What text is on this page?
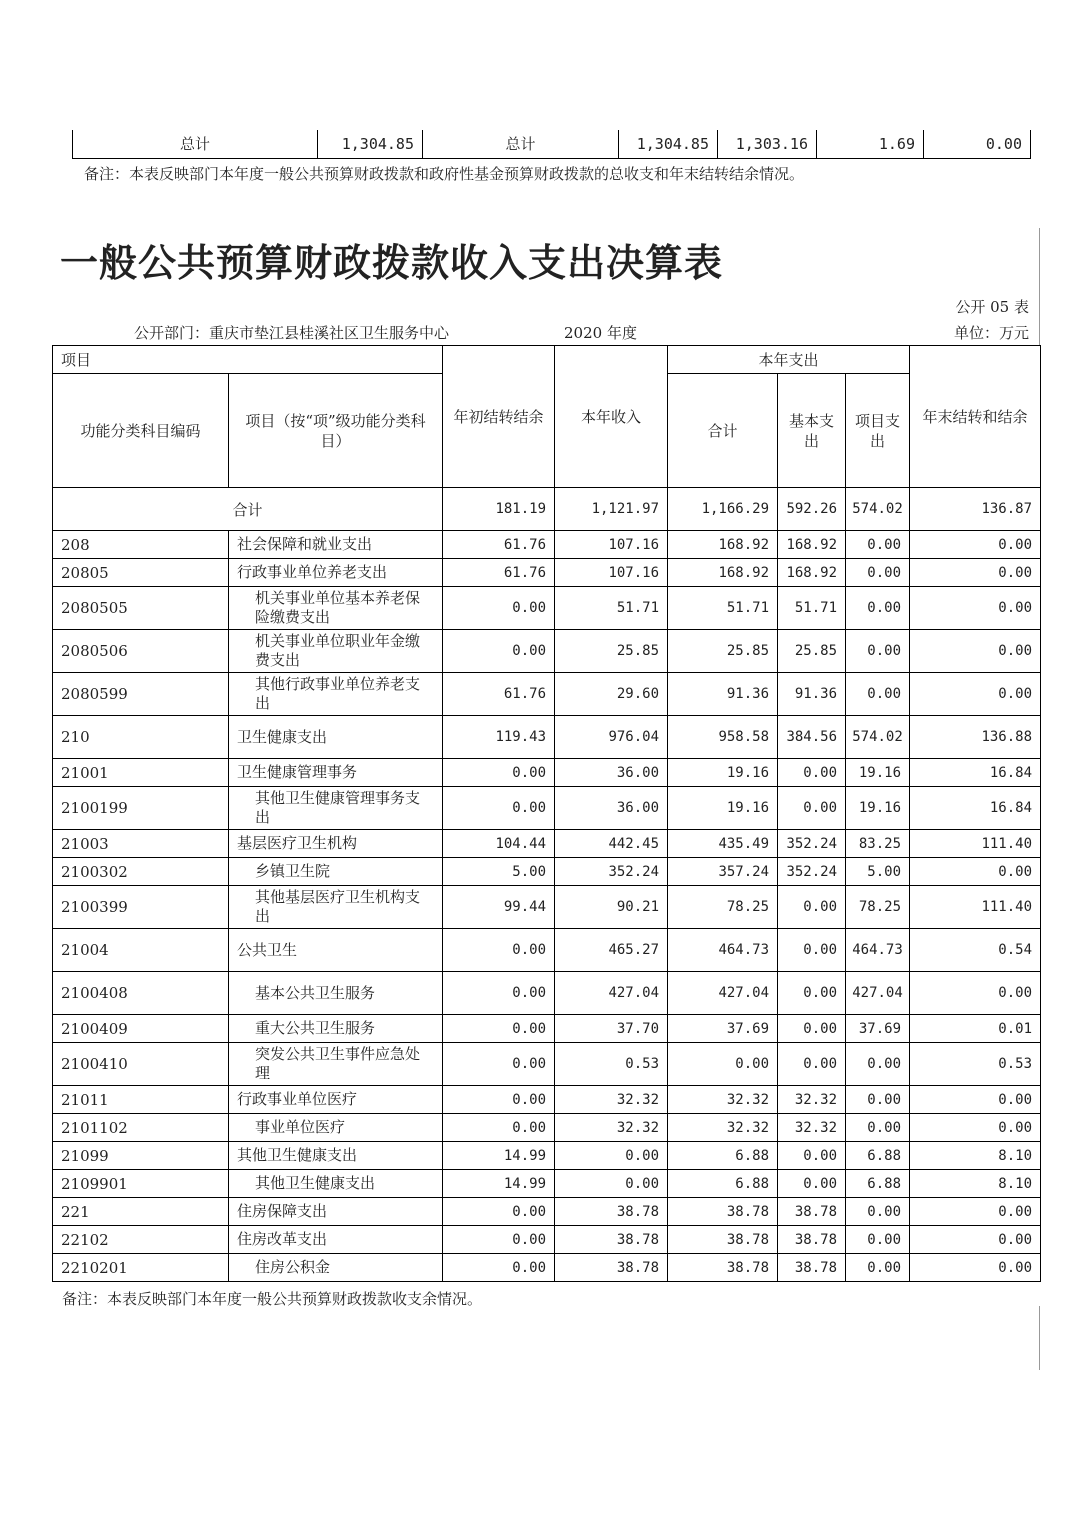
总计	1,304.85	总计	1,304.85	1,303.16	1.69	0.00
备注：本表反映部门本年度一般公共预算财政拨款和政府性基金预算财政拨款的总收支和年末结转结余情况。
一般公共预算财政拨款收入支出决算表
公开 05 表
公开部门：重庆市垫江县桂溪社区卫生服务中心	2020 年度	单位：万元
项目		年初结转结余	本年收入	本年支出			年末结转和结余
功能分类科目编码	项目（按“项”级功能分类科目）			合计	基本支出	项目支出	
合计		181.19	1,121.97	1,166.29	592.26	574.02	136.87
208	社会保障和就业支出	61.76	107.16	168.92	168.92	0.00	0.00
20805	行政事业单位养老支出	61.76	107.16	168.92	168.92	0.00	0.00
2080505	机关事业单位基本养老保险缴费支出	0.00	51.71	51.71	51.71	0.00	0.00
2080506	机关事业单位职业年金缴费支出	0.00	25.85	25.85	25.85	0.00	0.00
2080599	其他行政事业单位养老支出	61.76	29.60	91.36	91.36	0.00	0.00
210	卫生健康支出	119.43	976.04	958.58	384.56	574.02	136.88
21001	卫生健康管理事务	0.00	36.00	19.16	0.00	19.16	16.84
2100199	其他卫生健康管理事务支出	0.00	36.00	19.16	0.00	19.16	16.84
21003	基层医疗卫生机构	104.44	442.45	435.49	352.24	83.25	111.40
2100302	乡镇卫生院	5.00	352.24	357.24	352.24	5.00	0.00
2100399	其他基层医疗卫生机构支出	99.44	90.21	78.25	0.00	78.25	111.40
21004	公共卫生	0.00	465.27	464.73	0.00	464.73	0.54
2100408	基本公共卫生服务	0.00	427.04	427.04	0.00	427.04	0.00
2100409	重大公共卫生服务	0.00	37.70	37.69	0.00	37.69	0.01
2100410	突发公共卫生事件应急处理	0.00	0.53	0.00	0.00	0.00	0.53
21011	行政事业单位医疗	0.00	32.32	32.32	32.32	0.00	0.00
2101102	事业单位医疗	0.00	32.32	32.32	32.32	0.00	0.00
21099	其他卫生健康支出	14.99	0.00	6.88	0.00	6.88	8.10
2109901	其他卫生健康支出	14.99	0.00	6.88	0.00	6.88	8.10
221	住房保障支出	0.00	38.78	38.78	38.78	0.00	0.00
22102	住房改革支出	0.00	38.78	38.78	38.78	0.00	0.00
2210201	住房公积金	0.00	38.78	38.78	38.78	0.00	0.00
备注：本表反映部门本年度一般公共预算财政拨款收支余情况。
